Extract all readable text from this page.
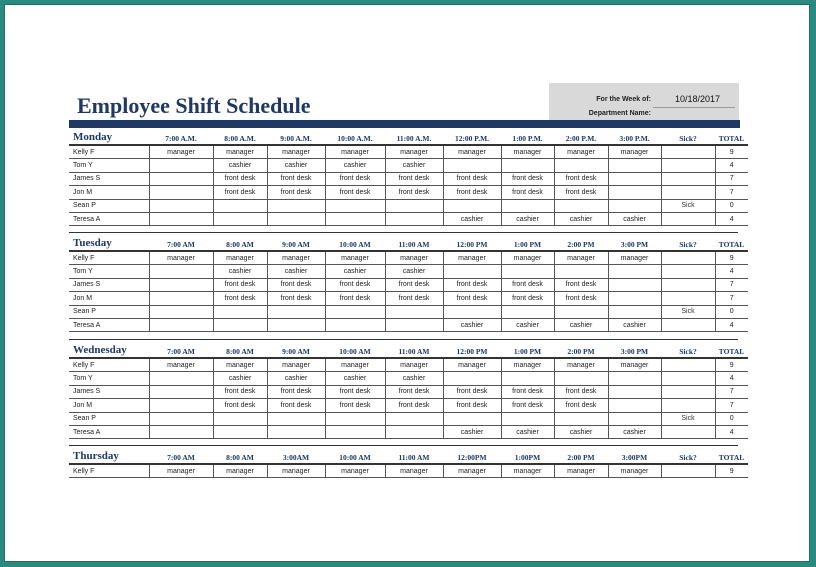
Employee Shift Schedule	For the Week of:	10/18/2017
Department Name:
Monday	7:00 A.M.	8:00 A.M.	9:00 A.M.	10:00 A.M.	11:00 A.M.	12:00 P.M.	1:00 P.M.	2:00 P.M.	3:00 P.M.	Sick?	TOTAL
Kelly F	manager	manager	manager	manager	manager	manager	manager	manager	manager		9
Tom Y		cashier	cashier	cashier	cashier						4
James S		front desk	front desk	front desk	front desk	front desk	front desk	front desk			7
Jon M		front desk	front desk	front desk	front desk	front desk	front desk	front desk			7
Sean P										Sick	0
Teresa A						cashier	cashier	cashier	cashier		4
Tuesday	7:00 AM	8:00 AM	9:00 AM	10:00 AM	11:00 AM	12:00 PM	1:00 PM	2:00 PM	3:00 PM	Sick?	TOTAL
Kelly F	manager	manager	manager	manager	manager	manager	manager	manager	manager		9
Tom Y		cashier	cashier	cashier	cashier						4
James S		front desk	front desk	front desk	front desk	front desk	front desk	front desk			7
Jon M		front desk	front desk	front desk	front desk	front desk	front desk	front desk			7
Sean P										Sick	0
Teresa A						cashier	cashier	cashier	cashier		4
Wednesday	7:00 AM	8:00 AM	9:00 AM	10:00 AM	11:00 AM	12:00 PM	1:00 PM	2:00 PM	3:00 PM	Sick?	TOTAL
Kelly F	manager	manager	manager	manager	manager	manager	manager	manager	manager		9
Tom Y		cashier	cashier	cashier	cashier						4
James S		front desk	front desk	front desk	front desk	front desk	front desk	front desk			7
Jon M		front desk	front desk	front desk	front desk	front desk	front desk	front desk			7
Sean P										Sick	0
Teresa A						cashier	cashier	cashier	cashier		4
Thursday	7:00 AM	8:00 AM	3:00AM	10:00 AM	11:00 AM	12:00PM	1:00PM	2:00 PM	3:00PM	Sick?	TOTAL
Kelly F	manager	manager	manager	manager	manager	manager	manager	manager	manager		9
